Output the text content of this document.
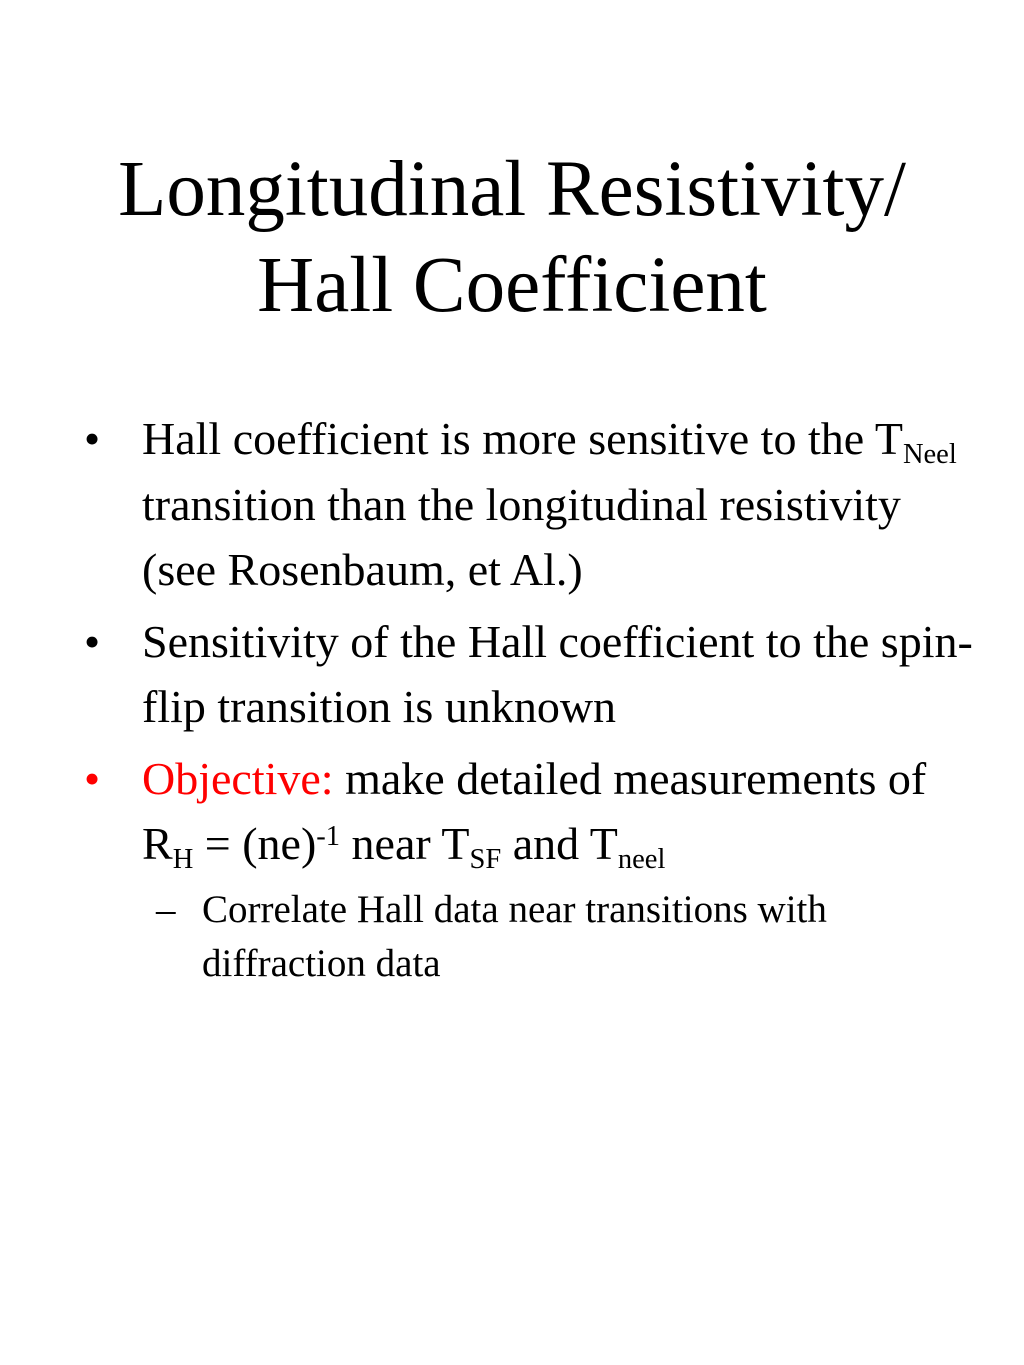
Longitudinal Resistivity/
Hall Coefficient
• Hall coefficient is more sensitive to the $T_{Neel}$ transition than the longitudinal resistivity (see Rosenbaum, et Al.)
• Sensitivity of the Hall coefficient to the spin-flip transition is unknown
• Objective: make detailed measurements of $R_H = (ne)^{-1}$ near $T_{SF}$ and $T_{neel}$
– Correlate Hall data near transitions with diffraction data
